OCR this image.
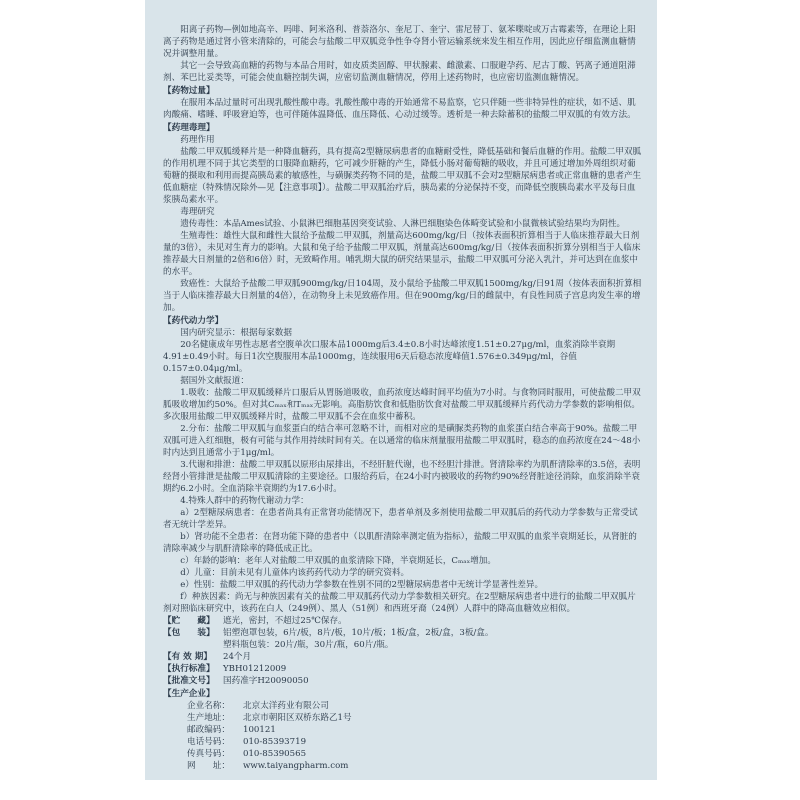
阳离子药物—例如地高辛、吗啡、阿米洛利、普萘洛尔、奎尼丁、奎宁、雷尼替丁、氨苯喋啶或万古霉素等，在理论上阳离子药物是通过肾小管来清除的，可能会与盐酸二甲双胍竞争性争夺肾小管运输系统来发生相互作用，因此应仔细监测血糖情况并调整用量。

其它一会导致高血糖的药物与本品合用时，如皮质类固醇、甲状腺素、雌激素、口服避孕药、尼古丁酸、钙离子通道阻滞剂、苯巴比妥类等，可能会使血糖控制失调，应密切监测血糖情况，停用上述药物时，也应密切监测血糖情况。

【药物过量】

在服用本品过量时可出现乳酸性酸中毒。乳酸性酸中毒的开始通常不易监察，它只伴随一些非特异性的症状，如不适、肌肉酸痛、嗜睡、呼吸窘迫等，也可伴随体温降低、血压降低、心动过缓等。透析是一种去除蓄积的盐酸二甲双胍的有效方法。

【药理毒理】

药理作用

盐酸二甲双胍缓释片是一种降血糖药，具有提高2型糖尿病患者的血糖耐受性，降低基础和餐后血糖的作用。盐酸二甲双胍的作用机理不同于其它类型的口服降血糖药，它可减少肝糖的产生，降低小肠对葡萄糖的吸收，并且可通过增加外周组织对葡萄糖的摄取和利用而提高胰岛素的敏感性，与磺脲类药物不同的是，盐酸二甲双胍不会对2型糖尿病患者或正常血糖的患者产生低血糖症（特殊情况除外—见【注意事项】）。盐酸二甲双胍治疗后，胰岛素的分泌保持不变，而降低空腹胰岛素水平及每日血浆胰岛素水平。

毒理研究

遗传毒性：本品Ames试验、小鼠淋巴细胞基因突变试验、人淋巴细胞染色体畸变试验和小鼠微核试验结果均为阴性。

生殖毒性：雄性大鼠和雌性大鼠给予盐酸二甲双胍，剂量高达600mg/kg/日（按体表面积折算相当于人临床推荐最大日剂量的3倍），未见对生育力的影响。大鼠和兔子给予盐酸二甲双胍，剂量高达600mg/kg/日（按体表面积折算分别相当于人临床推荐最大日剂量的2倍和6倍）时，无致畸作用。哺乳期大鼠的研究结果显示，盐酸二甲双胍可分泌入乳汁，并可达到在血浆中的水平。

致癌性：大鼠给予盐酸二甲双胍900mg/kg/日104周，及小鼠给予盐酸二甲双胍1500mg/kg/日91周（按体表面积折算相当于人临床推荐最大日剂量的4倍），在动物身上未见致癌作用。但在900mg/kg/日的雌鼠中，有良性间质子宫息肉发生率的增加。

【药代动力学】

国内研究显示：根据每家数据

20名健康成年男性志愿者空腹单次口服本品1000mg后3.4±0.8小时达峰浓度1.51±0.27μg/ml，血浆消除半衰期4.91±0.49小时。每日1次空腹服用本品1000mg，连续服用6天后稳态浓度峰值1.576±0.349μg/ml，谷值0.157±0.04μg/ml。

据国外文献报道：

1.吸收：盐酸二甲双胍缓释片口服后从胃肠道吸收，血药浓度达峰时间平均值为7小时。与食物同时服用，可使盐酸二甲双胍吸收增加约50%。但对其Cₘₐₓ和Tₘₐₓ无影响。高脂肪饮食和低脂肪饮食对盐酸二甲双胍缓释片药代动力学参数的影响相似。多次服用盐酸二甲双胍缓释片时，盐酸二甲双胍不会在血浆中蓄积。

2.分布：盐酸二甲双胍与血浆蛋白的结合率可忽略不计，而相对应的是磺脲类药物的血浆蛋白结合率高于90%。盐酸二甲双胍可进入红细胞，极有可能与其作用持续时间有关。在以通常的临床剂量服用盐酸二甲双胍时，稳态的血药浓度在24～48小时内达到且通常小于1μg/ml。

3.代谢和排泄：盐酸二甲双胍以原形由尿排出，不经肝脏代谢，也不经胆汁排泄。肾清除率约为肌酐清除率的3.5倍，表明经肾小管排泄是盐酸二甲双胍清除的主要途径。口服给药后，在24小时内被吸收的药物约90%经肾脏途径消除，血浆消除半衰期约6.2小时。全血消除半衰期约为17.6小时。

4.特殊人群中的药物代谢动力学：

a）2型糖尿病患者：在患者尚具有正常肾功能情况下，患者单剂及多剂使用盐酸二甲双胍后的药代动力学参数与正常受试者无统计学差异。

b）肾功能不全患者：在肾功能下降的患者中（以肌酐清除率测定值为指标），盐酸二甲双胍的血浆半衰期延长，从肾脏的清除率减少与肌酐清除率的降低成正比。

c）年龄的影响：老年人对盐酸二甲双胍的血浆清除下降，半衰期延长，Cₘₐₓ增加。

d）儿童：目前未见有儿童体内该药药代动力学的研究资料。

e）性别：盐酸二甲双胍的药代动力学参数在性别不同的2型糖尿病患者中无统计学显著性差异。

f）种族因素：尚无与种族因素有关的盐酸二甲双胍药代动力学参数相关研究。在2型糖尿病患者中进行的盐酸二甲双胍片剂对照临床研究中，该药在白人（249例）、黑人（51例）和西班牙裔（24例）人群中的降高血糖效应相似。

【贮　　藏】 遮光，密封，不超过25℃保存。
【包　　装】 铝塑泡罩包装，6片/板，8片/板，10片/板；1板/盒，2板/盒，3板/盒。
塑料瓶包装：20片/瓶，30片/瓶，60片/瓶。
【有 效 期】	24个月
【执行标准】 YBH01212009
【批准文号】 国药准字H20090050
【生产企业】
企业名称：	北京太洋药业有限公司
生产地址：	北京市朝阳区双桥东路乙1号
邮政编码：	100121
电话号码：	010-85393719
传真号码：	010-85390565
网　　址：	www.taiyangpharm.com
